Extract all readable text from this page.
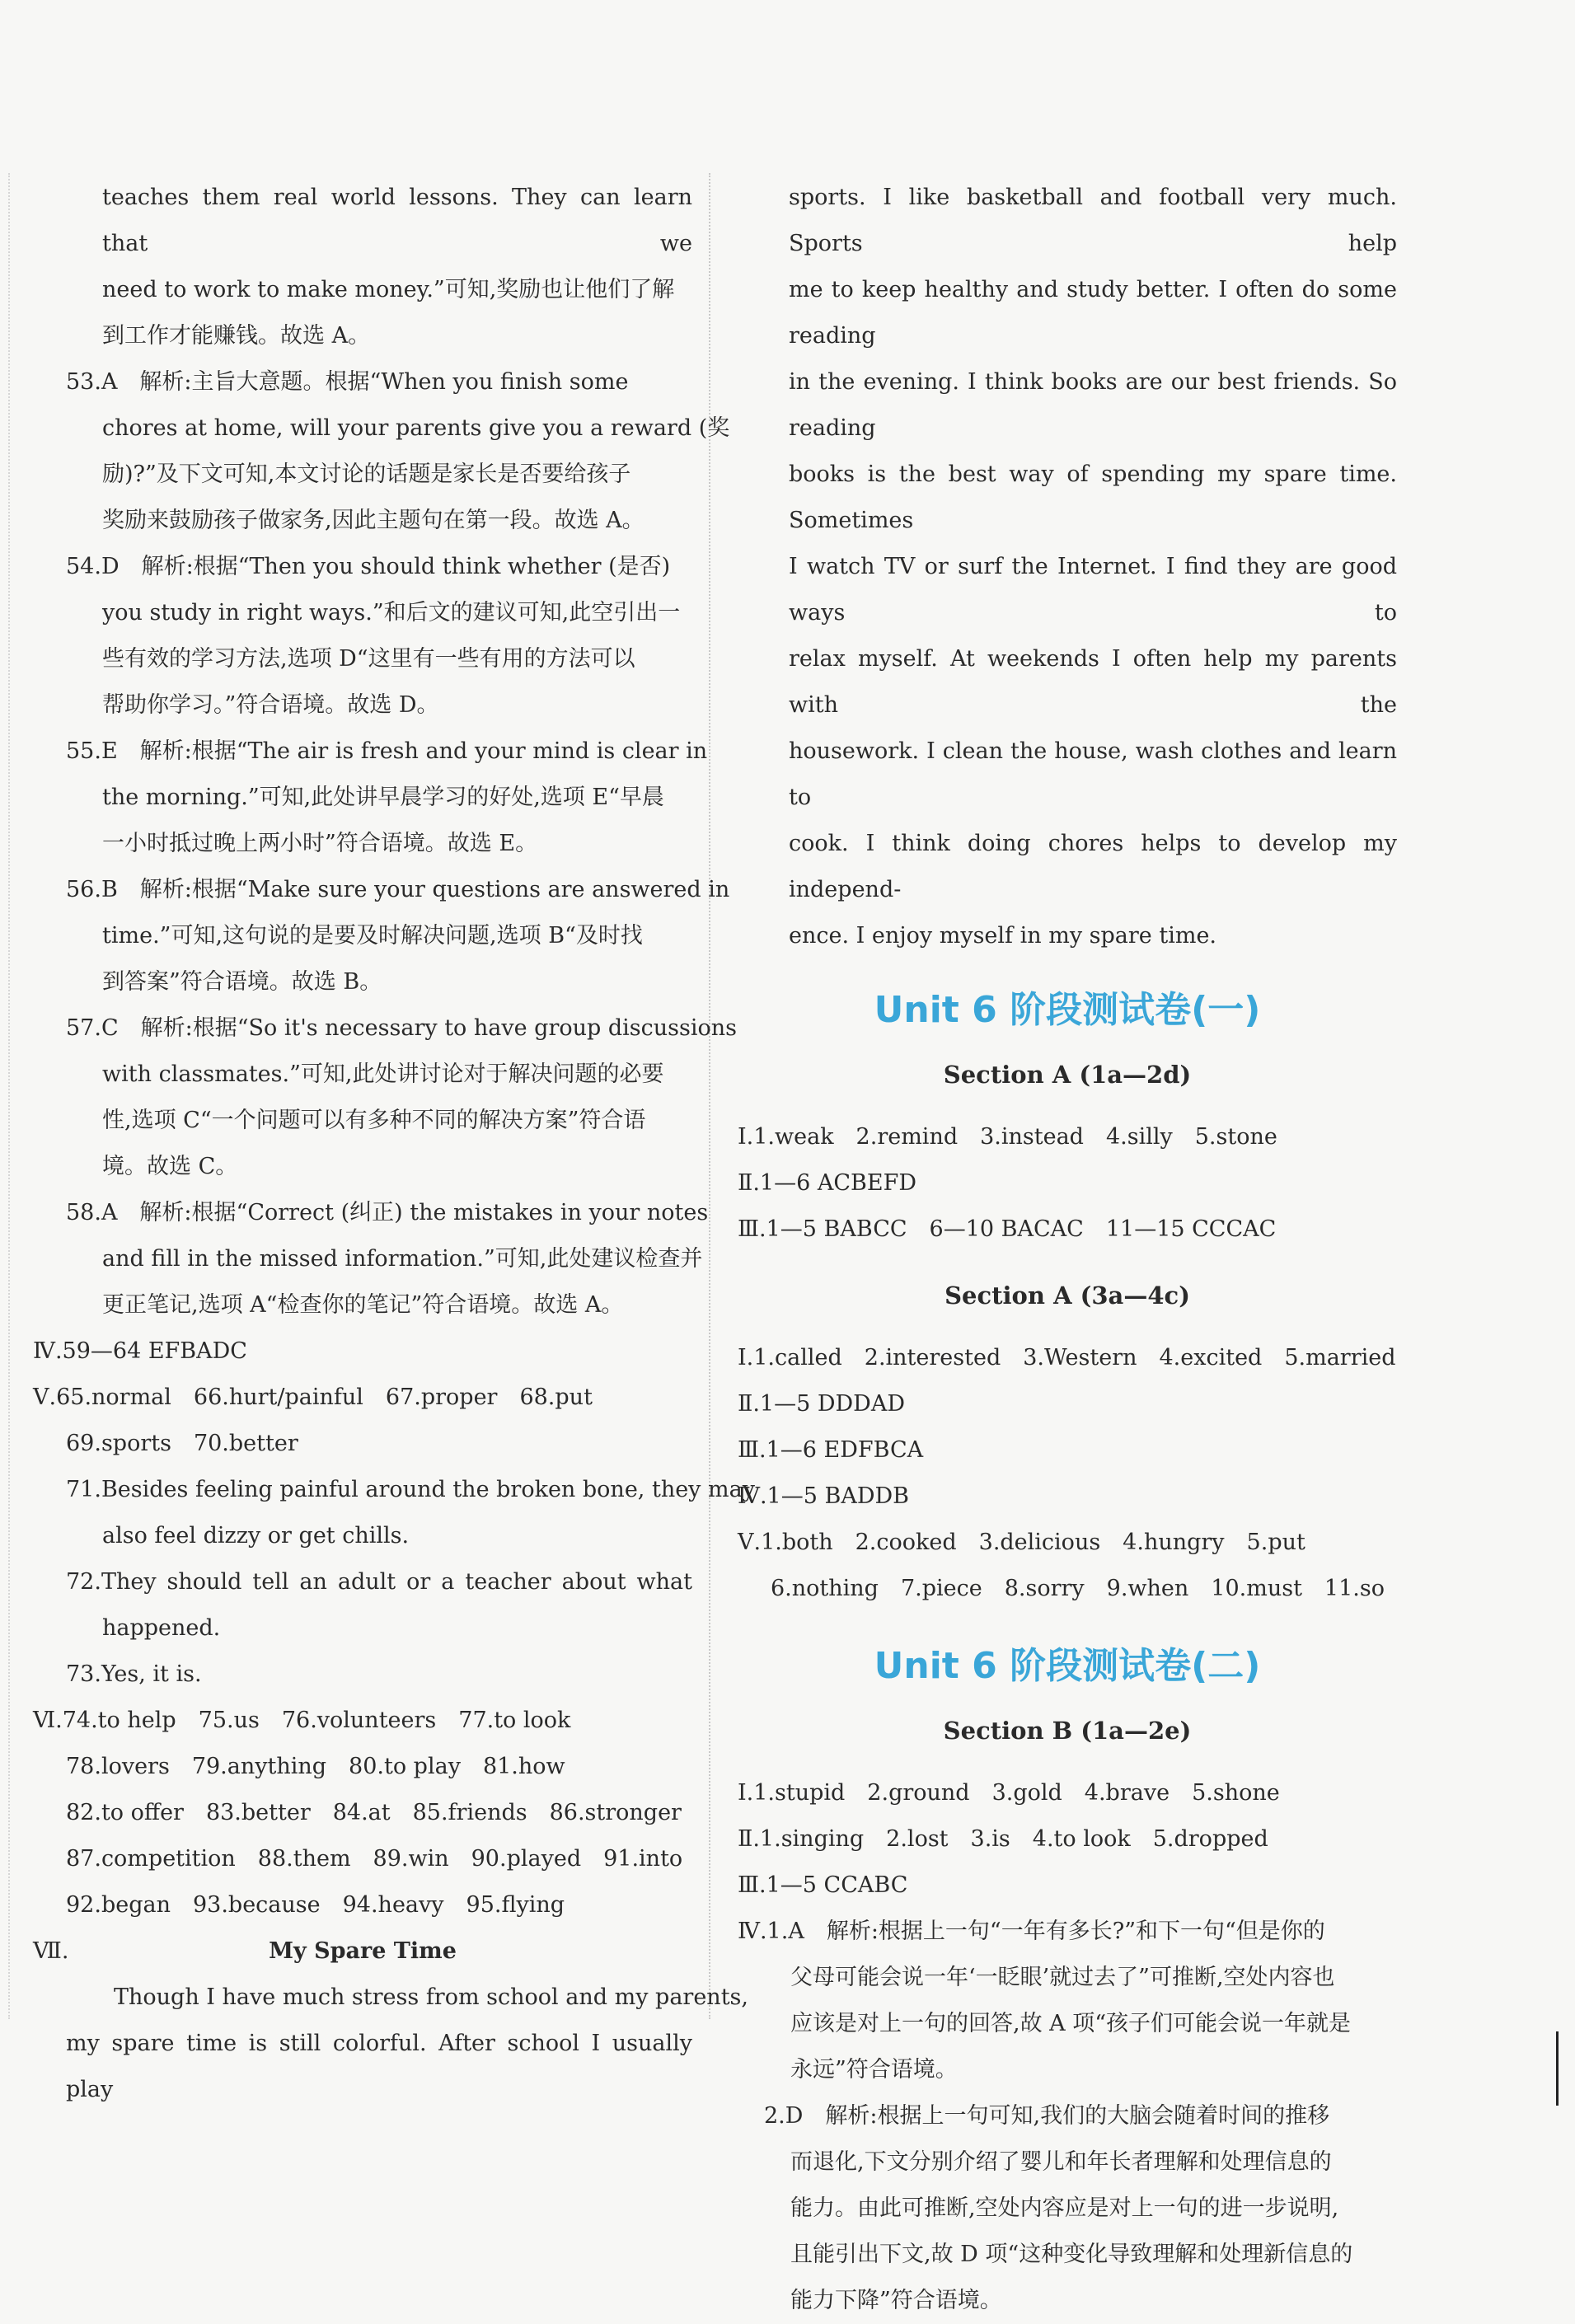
teaches them real world lessons. They can learn that we
need to work to make money.”可知,奖励也让他们了解
到工作才能赚钱。故选 A。
53.A　解析:主旨大意题。根据“When you finish some
chores at home, will your parents give you a reward (奖
励)?”及下文可知,本文讨论的话题是家长是否要给孩子
奖励来鼓励孩子做家务,因此主题句在第一段。故选 A。
54.D　解析:根据“Then you should think whether (是否)
you study in right ways.”和后文的建议可知,此空引出一
些有效的学习方法,选项 D“这里有一些有用的方法可以
帮助你学习。”符合语境。故选 D。
55.E　解析:根据“The air is fresh and your mind is clear in
the morning.”可知,此处讲早晨学习的好处,选项 E“早晨
一小时抵过晚上两小时”符合语境。故选 E。
56.B　解析:根据“Make sure your questions are answered in
time.”可知,这句说的是要及时解决问题,选项 B“及时找
到答案”符合语境。故选 B。
57.C　解析:根据“So it's necessary to have group discussions
with classmates.”可知,此处讲讨论对于解决问题的必要
性,选项 C“一个问题可以有多种不同的解决方案”符合语
境。故选 C。
58.A　解析:根据“Correct (纠正) the mistakes in your notes
and fill in the missed information.”可知,此处建议检查并
更正笔记,选项 A“检查你的笔记”符合语境。故选 A。
Ⅳ.59—64 EFBADC
Ⅴ.65.normal　66.hurt/painful　67.proper　68.put
69.sports　70.better
71.Besides feeling painful around the broken bone, they may
also feel dizzy or get chills.
72.They should tell an adult or a teacher about what
happened.
73.Yes, it is.
Ⅵ.74.to help　75.us　76.volunteers　77.to look
78.lovers　79.anything　80.to play　81.how
82.to offer　83.better　84.at　85.friends　86.stronger
87.competition　88.them　89.win　90.played　91.into
92.began　93.because　94.heavy　95.flying
Ⅶ.	My Spare Time
Though I have much stress from school and my parents,
my spare time is still colorful. After school I usually play
sports. I like basketball and football very much. Sports help
me to keep healthy and study better. I often do some reading
in the evening. I think books are our best friends. So reading
books is the best way of spending my spare time. Sometimes
I watch TV or surf the Internet. I find they are good ways to
relax myself. At weekends I often help my parents with the
housework. I clean the house, wash clothes and learn to
cook. I think doing chores helps to develop my independ-
ence. I enjoy myself in my spare time.
Unit 6 阶段测试卷(一)
Section A (1a—2d)
Ⅰ.1.weak　2.remind　3.instead　4.silly　5.stone
Ⅱ.1—6 ACBEFD
Ⅲ.1—5 BABCC　6—10 BACAC　11—15 CCCAC
Section A (3a—4c)
Ⅰ.1.called　2.interested　3.Western　4.excited　5.married
Ⅱ.1—5 DDDAD
Ⅲ.1—6 EDFBCA
Ⅳ.1—5 BADDB
Ⅴ.1.both　2.cooked　3.delicious　4.hungry　5.put
6.nothing　7.piece　8.sorry　9.when　10.must　11.so
Unit 6 阶段测试卷(二)
Section B (1a—2e)
Ⅰ.1.stupid　2.ground　3.gold　4.brave　5.shone
Ⅱ.1.singing　2.lost　3.is　4.to look　5.dropped
Ⅲ.1—5 CCABC
Ⅳ.1.A　解析:根据上一句“一年有多长?”和下一句“但是你的
父母可能会说一年‘一眨眼’就过去了”可推断,空处内容也
应该是对上一句的回答,故 A 项“孩子们可能会说一年就是
永远”符合语境。
2.D　解析:根据上一句可知,我们的大脑会随着时间的推移
而退化,下文分别介绍了婴儿和年长者理解和处理信息的
能力。由此可推断,空处内容应是对上一句的进一步说明,
且能引出下文,故 D 项“这种变化导致理解和处理新信息的
能力下降”符合语境。
